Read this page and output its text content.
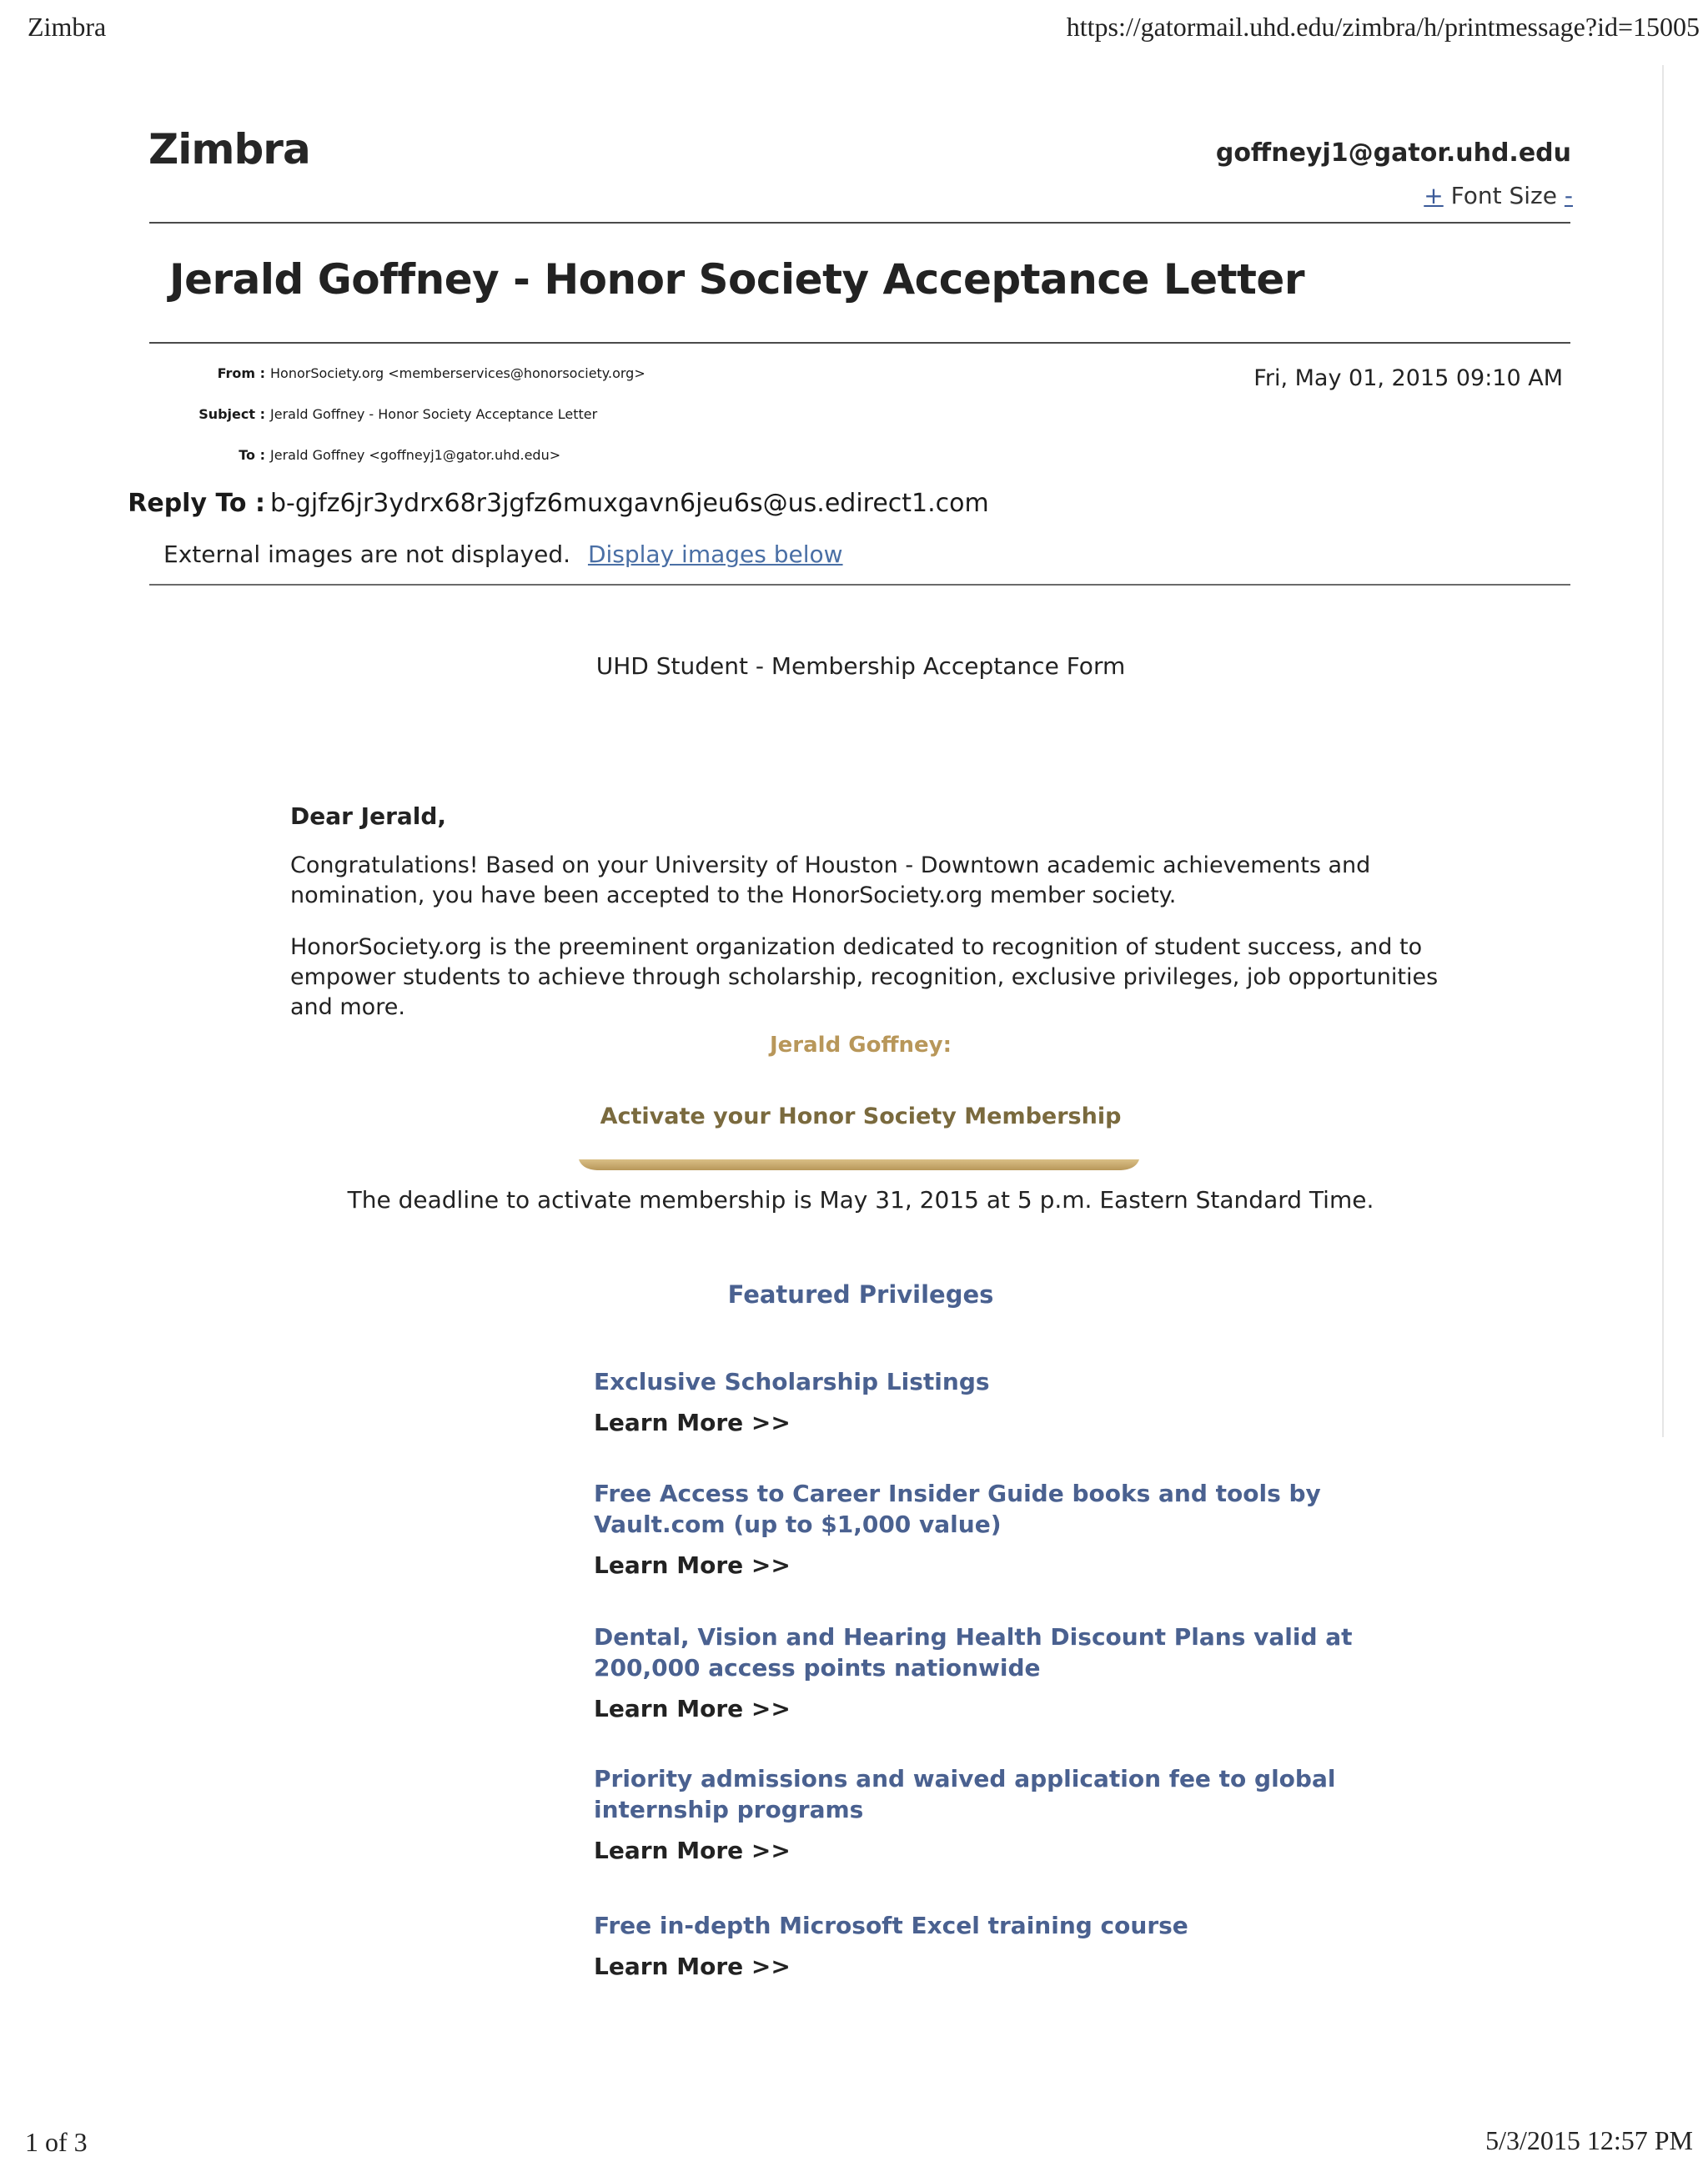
Zimbra	https://gatormail.uhd.edu/zimbra/h/printmessage?id=15005
Zimbra	goffneyj1@gator.uhd.edu
+ Font Size -
Jerald Goffney - Honor Society Acceptance Letter
From : HonorSociety.org <memberservices@honorsociety.org>
Subject : Jerald Goffney - Honor Society Acceptance Letter
To : Jerald Goffney <goffneyj1@gator.uhd.edu>
Reply To : b-gjfz6jr3ydrx68r3jgfz6muxgavn6jeu6s@us.edirect1.com
Fri, May 01, 2015 09:10 AM
External images are not displayed. Display images below
UHD Student - Membership Acceptance Form
Dear Jerald,
Congratulations! Based on your University of Houston - Downtown academic achievements and nomination, you have been accepted to the HonorSociety.org member society.
HonorSociety.org is the preeminent organization dedicated to recognition of student success, and to empower students to achieve through scholarship, recognition, exclusive privileges, job opportunities and more.
Jerald Goffney:
Activate your Honor Society Membership
The deadline to activate membership is May 31, 2015 at 5 p.m. Eastern Standard Time.
Featured Privileges
Exclusive Scholarship Listings
Learn More >>
Free Access to Career Insider Guide books and tools by Vault.com (up to $1,000 value)
Learn More >>
Dental, Vision and Hearing Health Discount Plans valid at 200,000 access points nationwide
Learn More >>
Priority admissions and waived application fee to global internship programs
Learn More >>
Free in-depth Microsoft Excel training course
Learn More >>
1 of 3	5/3/2015 12:57 PM
